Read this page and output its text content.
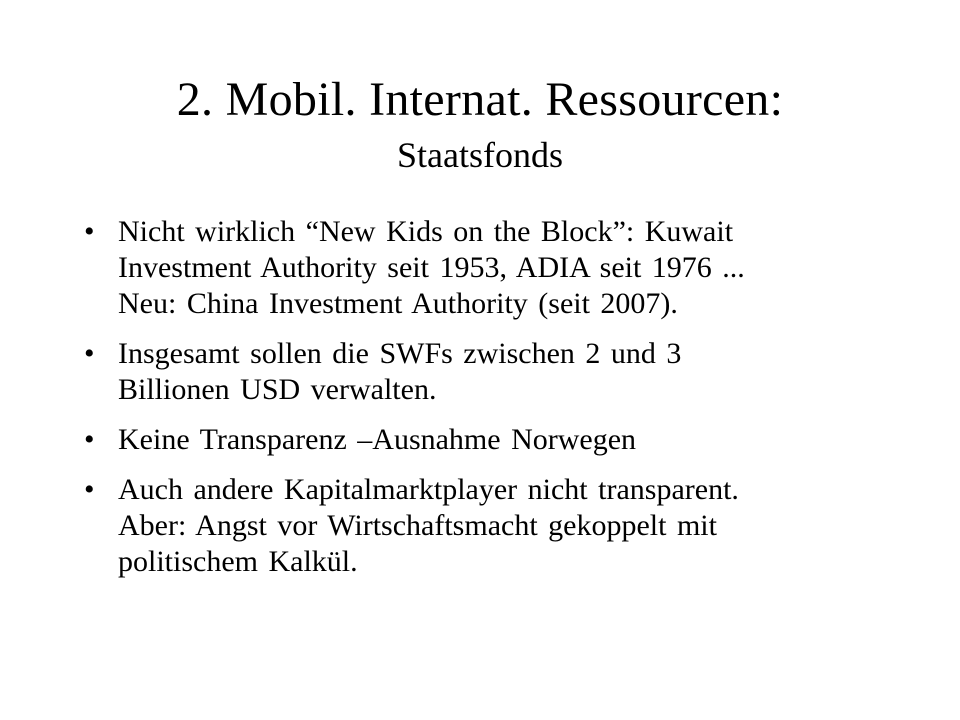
2. Mobil. Internat. Ressourcen:
Staatsfonds
• Nicht wirklich “New Kids on the Block”: Kuwait
Investment Authority seit 1953, ADIA seit 1976 ...
Neu: China Investment Authority (seit 2007).
• Insgesamt sollen die SWFs zwischen 2 und 3
Billionen USD verwalten.
• Keine Transparenz –Ausnahme Norwegen
• Auch andere Kapitalmarktplayer nicht transparent.
Aber: Angst vor Wirtschaftsmacht gekoppelt mit
politischem Kalkül.
